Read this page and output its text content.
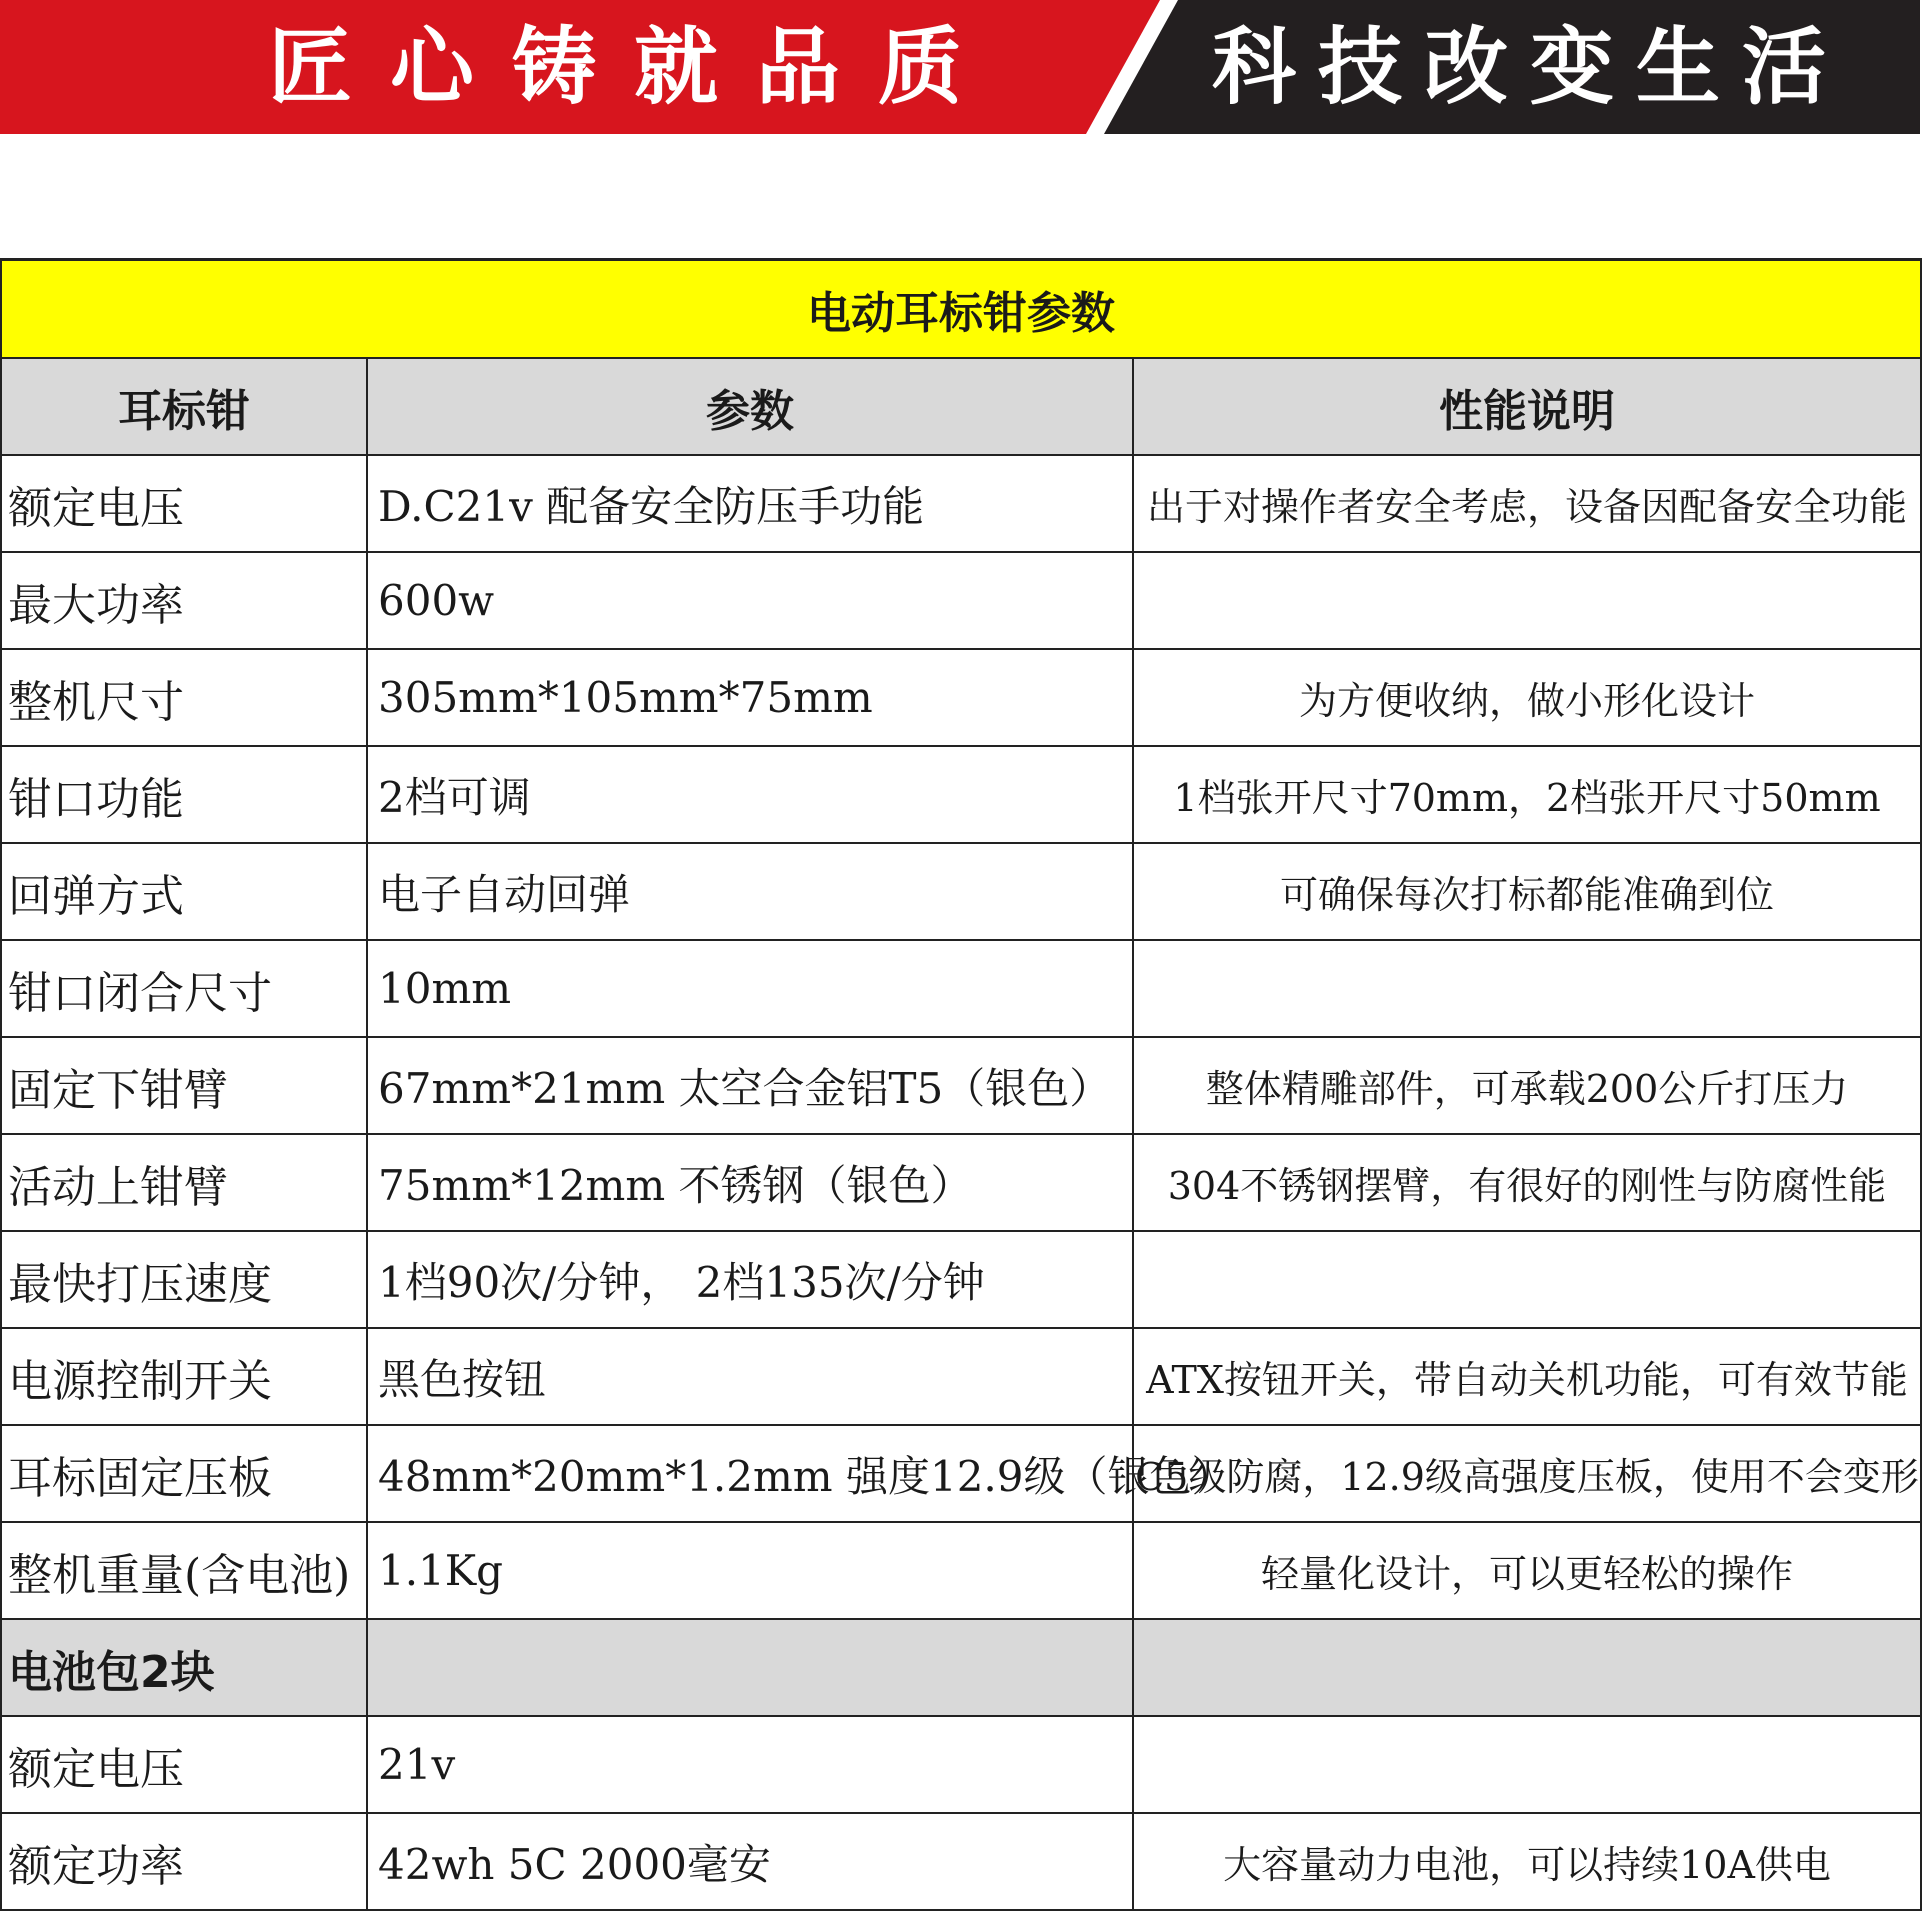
匠心铸就品质	科技改变生活
电动耳标钳参数		
耳标钳	参数	性能说明
额定电压	D.C21v 配备安全防压手功能	出于对操作者安全考虑，设备因配备安全功能
最大功率	600w	
整机尺寸	305mm*105mm*75mm	为方便收纳，做小形化设计
钳口功能	2档可调	1档张开尺寸70mm，2档张开尺寸50mm
回弹方式	电子自动回弹	可确保每次打标都能准确到位
钳口闭合尺寸	10mm	
固定下钳臂	67mm*21mm 太空合金铝T5（银色）	整体精雕部件，可承载200公斤打压力
活动上钳臂	75mm*12mm 不锈钢（银色）	304不锈钢摆臂，有很好的刚性与防腐性能
最快打压速度	1档90次/分钟， 2档135次/分钟	
电源控制开关	黑色按钮	ATX按钮开关，带自动关机功能，可有效节能
耳标固定压板	48mm*20mm*1.2mm 强度12.9级（银色）	C5级防腐，12.9级高强度压板，使用不会变形
整机重量(含电池)	1.1Kg	轻量化设计，可以更轻松的操作
电池包2块		
额定电压	21v	
额定功率	42wh 5C 2000毫安	大容量动力电池，可以持续10A供电
